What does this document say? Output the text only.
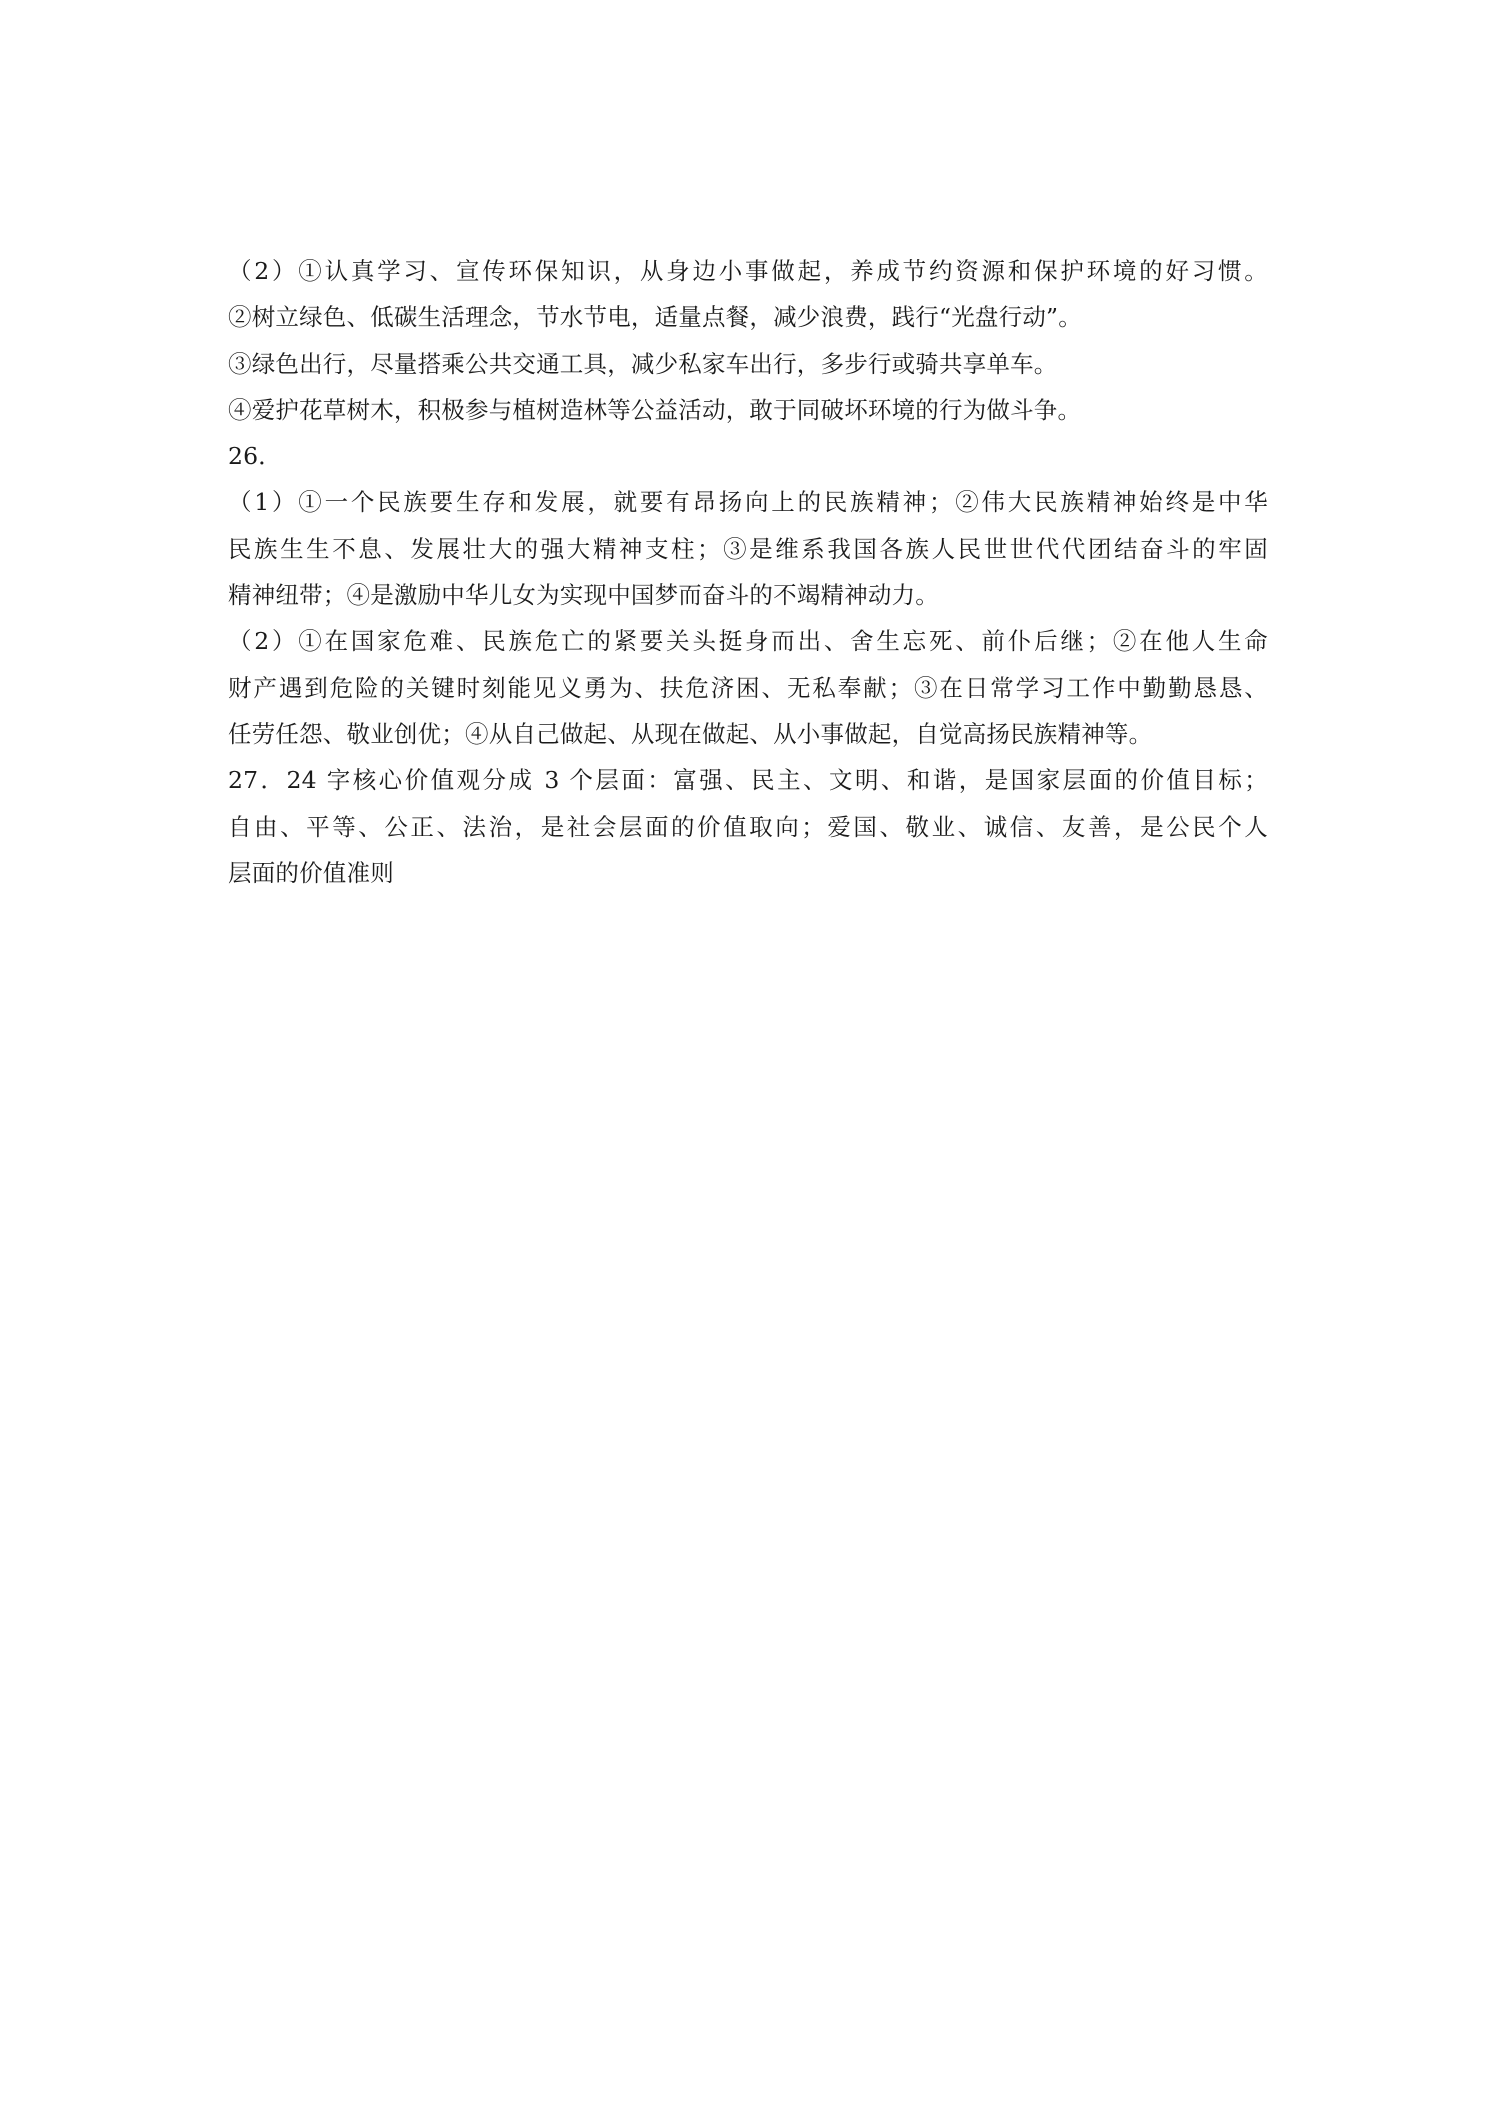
（2）①认真学习、宣传环保知识，从身边小事做起，养成节约资源和保护环境的好习惯。
②树立绿色、低碳生活理念，节水节电，适量点餐，减少浪费，践行“光盘行动”。
③绿色出行，尽量搭乘公共交通工具，减少私家车出行，多步行或骑共享单车。
④爱护花草树木，积极参与植树造林等公益活动，敢于同破坏环境的行为做斗争。
26．
（1）①一个民族要生存和发展，就要有昂扬向上的民族精神；②伟大民族精神始终是中华
民族生生不息、发展壮大的强大精神支柱；③是维系我国各族人民世世代代团结奋斗的牢固
精神纽带；④是激励中华儿女为实现中国梦而奋斗的不竭精神动力。
（2）①在国家危难、民族危亡的紧要关头挺身而出、舍生忘死、前仆后继；②在他人生命
财产遇到危险的关键时刻能见义勇为、扶危济困、无私奉献；③在日常学习工作中勤勤恳恳、
任劳任怨、敬业创优；④从自己做起、从现在做起、从小事做起，自觉高扬民族精神等。
27．24 字核心价值观分成 3 个层面：富强、民主、文明、和谐，是国家层面的价值目标；
自由、平等、公正、法治，是社会层面的价值取向；爱国、敬业、诚信、友善，是公民个人
层面的价值准则
